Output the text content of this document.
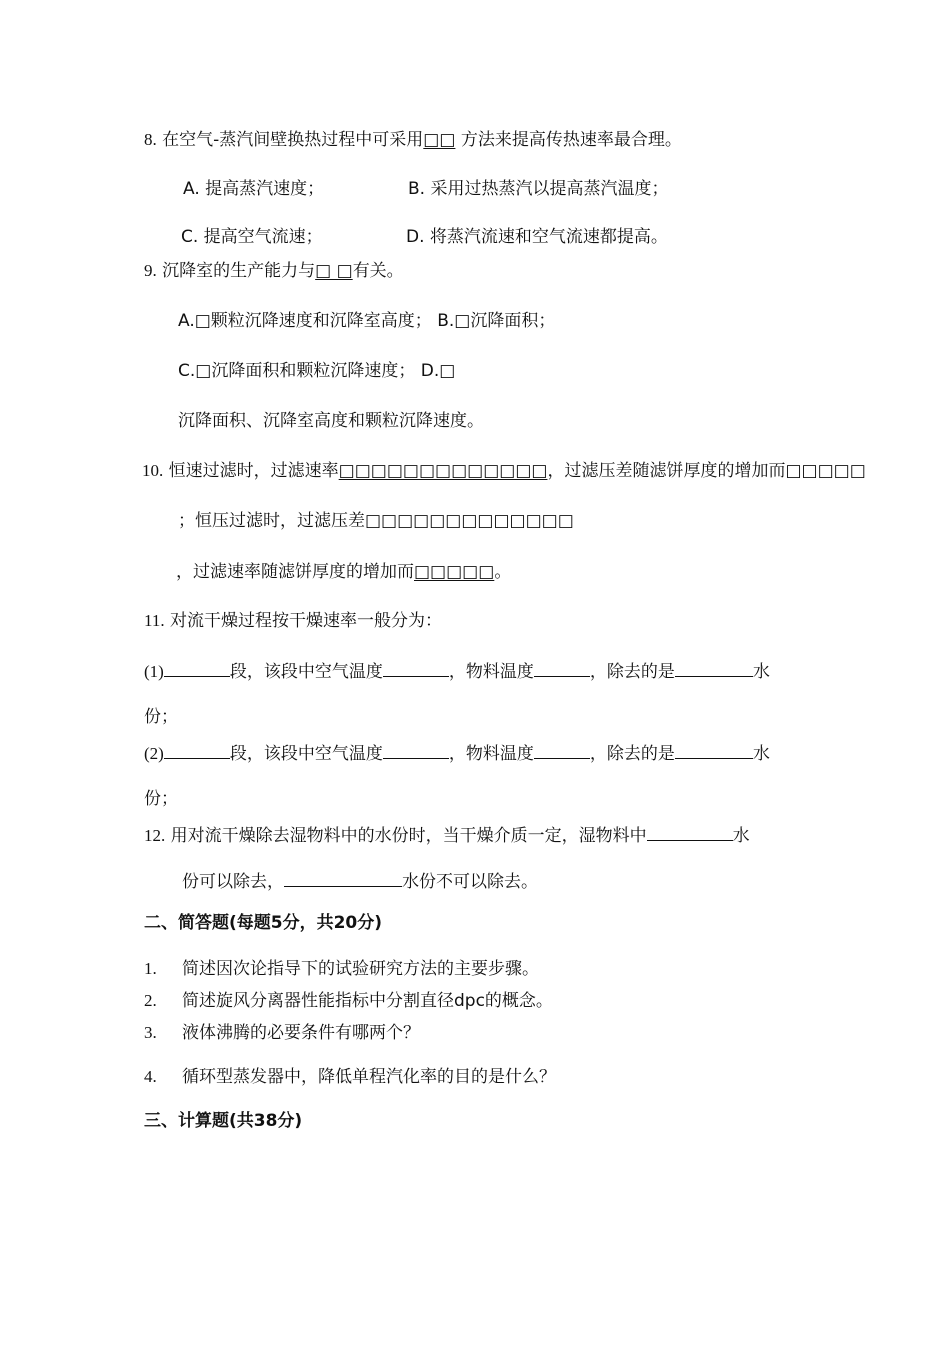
8. 在空气-蒸汽间壁换热过程中可采用□□ 方法来提高传热速率最合理。
A. 提高蒸汽速度；	B. 采用过热蒸汽以提高蒸汽温度；
C. 提高空气流速；	D. 将蒸汽流速和空气流速都提高。
9. 沉降室的生产能力与□ □有关。
A.□颗粒沉降速度和沉降室高度； B.□沉降面积；
C.□沉降面积和颗粒沉降速度； D.□
沉降面积、沉降室高度和颗粒沉降速度。
10. 恒速过滤时，过滤速率□□□□□□□□□□□□□，过滤压差随滤饼厚度的增加而□□□□□
；恒压过滤时，过滤压差□□□□□□□□□□□□□
，过滤速率随滤饼厚度的增加而□□□□□。
11. 对流干燥过程按干燥速率一般分为：
(1)	段，该段中空气温度	，物料温度	，除去的是	水
份；
(2)	段，该段中空气温度	，物料温度	，除去的是	水
份；
12. 用对流干燥除去湿物料中的水份时，当干燥介质一定，湿物料中	水
份可以除去，	水份不可以除去。
二、简答题(每题5分，共20分)
1. 简述因次论指导下的试验研究方法的主要步骤。
2. 简述旋风分离器性能指标中分割直径dpc的概念。
3. 液体沸腾的必要条件有哪两个？
4. 循环型蒸发器中，降低单程汽化率的目的是什么？
三、计算题(共38分)
